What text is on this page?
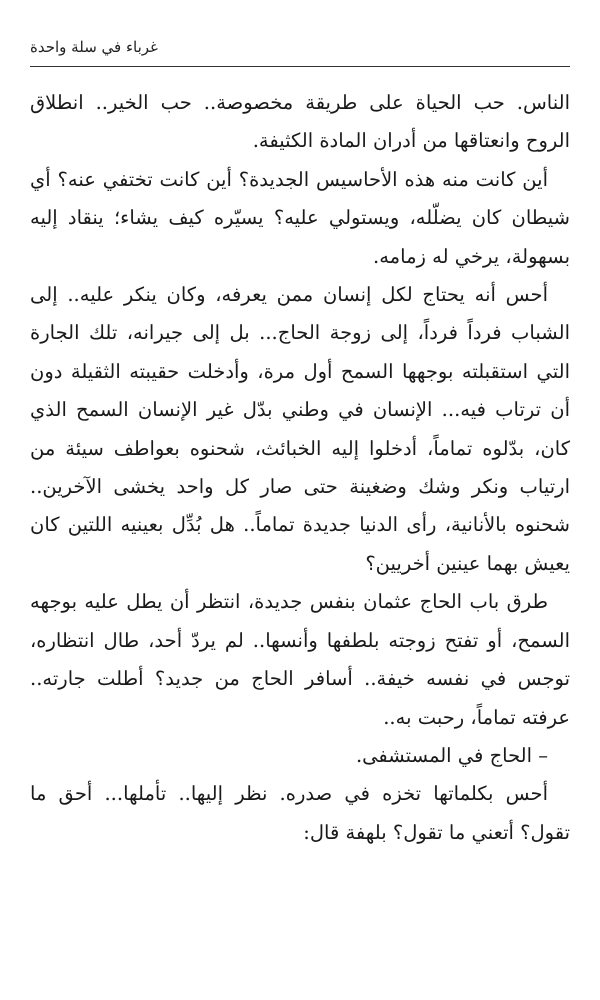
غرباء في سلة واحدة

الناس. حب الحياة على طريقة مخصوصة.. حب الخير.. انطلاق الروح وانعتاقها من أدران المادة الكثيفة.

أين كانت منه هذه الأحاسيس الجديدة؟ أين كانت تختفي عنه؟ أي شيطان كان يضلّله، ويستولي عليه؟ يسيّره كيف يشاء؛ ينقاد إليه بسهولة، يرخي له زمامه.

أحس أنه يحتاج لكل إنسان ممن يعرفه، وكان ينكر عليه.. إلى الشباب فرداً فرداً، إلى زوجة الحاج... بل إلى جيرانه، تلك الجارة التي استقبلته بوجهها السمح أول مرة، وأدخلت حقيبته الثقيلة دون أن ترتاب فيه... الإنسان في وطني بدّل غير الإنسان السمح الذي كان، بدّلوه تماماً، أدخلوا إليه الخبائث، شحنوه بعواطف سيئة من ارتياب ونكر وشك وضغينة حتى صار كل واحد يخشى الآخرين.. شحنوه بالأنانية، رأى الدنيا جديدة تماماً.. هل بُدِّل بعينيه اللتين كان يعيش بهما عينين أخريين؟

طرق باب الحاج عثمان بنفس جديدة، انتظر أن يطل عليه بوجهه السمح، أو تفتح زوجته بلطفها وأنسها.. لم يردّ أحد، طال انتظاره، توجس في نفسه خيفة.. أسافر الحاج من جديد؟ أطلت جارته.. عرفته تماماً، رحبت به..

– الحاج في المستشفى.

أحس بكلماتها تخزه في صدره. نظر إليها.. تأملها... أحق ما تقول؟ أتعني ما تقول؟ بلهفة قال:
